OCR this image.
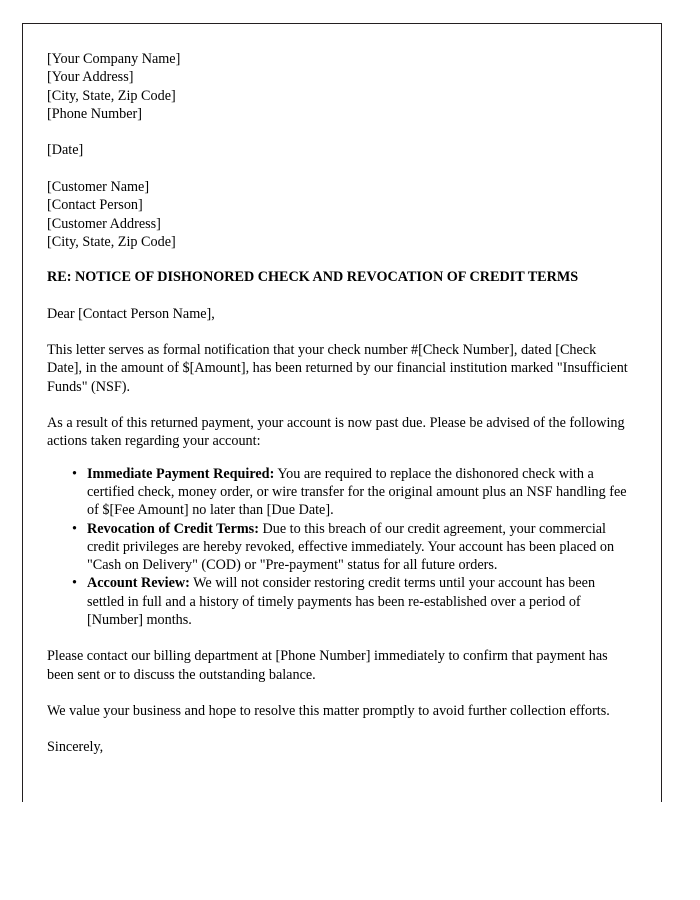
[Your Company Name]
[Your Address]
[City, State, Zip Code]
[Phone Number]
[Date]
[Customer Name]
[Contact Person]
[Customer Address]
[City, State, Zip Code]

RE: NOTICE OF DISHONORED CHECK AND REVOCATION OF CREDIT TERMS

Dear [Contact Person Name],

This letter serves as formal notification that your check number #[Check Number], dated [Check Date], in the amount of $[Amount], has been returned by our financial institution marked "Insufficient Funds" (NSF).

As a result of this returned payment, your account is now past due. Please be advised of the following actions taken regarding your account:

• Immediate Payment Required: You are required to replace the dishonored check with a certified check, money order, or wire transfer for the original amount plus an NSF handling fee of $[Fee Amount] no later than [Due Date].
• Revocation of Credit Terms: Due to this breach of our credit agreement, your commercial credit privileges are hereby revoked, effective immediately. Your account has been placed on "Cash on Delivery" (COD) or "Pre-payment" status for all future orders.
• Account Review: We will not consider restoring credit terms until your account has been settled in full and a history of timely payments has been re-established over a period of [Number] months.

Please contact our billing department at [Phone Number] immediately to confirm that payment has been sent or to discuss the outstanding balance.

We value your business and hope to resolve this matter promptly to avoid further collection efforts.

Sincerely,
